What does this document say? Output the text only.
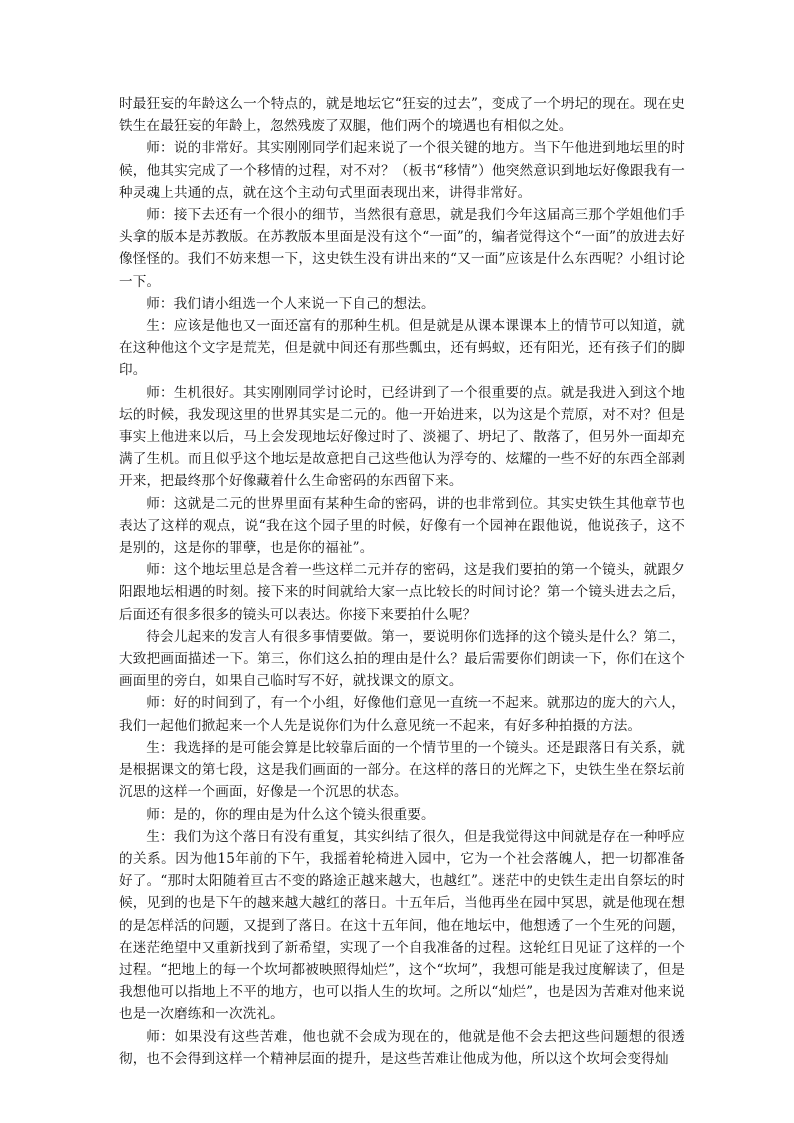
时最狂妄的年龄这么一个特点的，就是地坛它“狂妄的过去”，变成了一个坍圮的现在。现在史铁生在最狂妄的年龄上，忽然残废了双腿，他们两个的境遇也有相似之处。

师：说的非常好。其实刚刚同学们起来说了一个很关键的地方。当下午他进到地坛里的时候，他其实完成了一个移情的过程，对不对？（板书“移情”）他突然意识到地坛好像跟我有一种灵魂上共通的点，就在这个主动句式里面表现出来，讲得非常好。

师：接下去还有一个很小的细节，当然很有意思，就是我们今年这届高三那个学姐他们手头拿的版本是苏教版。在苏教版本里面是没有这个“一面”的，编者觉得这个“一面”的放进去好像怪怪的。我们不妨来想一下，这史铁生没有讲出来的“又一面”应该是什么东西呢？小组讨论一下。

师：我们请小组选一个人来说一下自己的想法。

生：应该是他也又一面还富有的那种生机。但是就是从课本课课本上的情节可以知道，就在这种他这个文字是荒芜，但是就中间还有那些瓢虫，还有蚂蚁，还有阳光，还有孩子们的脚印。

师：生机很好。其实刚刚同学讨论时，已经讲到了一个很重要的点。就是我进入到这个地坛的时候，我发现这里的世界其实是二元的。他一开始进来，以为这是个荒原，对不对？但是事实上他进来以后，马上会发现地坛好像过时了、淡褪了、坍圮了、散落了，但另外一面却充满了生机。而且似乎这个地坛是故意把自己这些他认为浮夸的、炫耀的一些不好的东西全部剥开来，把最终那个好像藏着什么生命密码的东西留下来。

师：这就是二元的世界里面有某种生命的密码，讲的也非常到位。其实史铁生其他章节也表达了这样的观点，说“我在这个园子里的时候，好像有一个园神在跟他说，他说孩子，这不是别的，这是你的罪孽，也是你的福祉”。

师：这个地坛里总是含着一些这样二元并存的密码，这是我们要拍的第一个镜头，就跟夕阳跟地坛相遇的时刻。接下来的时间就给大家一点比较长的时间讨论？第一个镜头进去之后，后面还有很多很多的镜头可以表达。你接下来要拍什么呢？

待会儿起来的发言人有很多事情要做。第一，要说明你们选择的这个镜头是什么？第二，大致把画面描述一下。第三，你们这么拍的理由是什么？最后需要你们朗读一下，你们在这个画面里的旁白，如果自己临时写不好，就找课文的原文。

师：好的时间到了，有一个小组，好像他们意见一直统一不起来。就那边的庞大的六人，我们一起他们掀起来一个人先是说你们为什么意见统一不起来，有好多种拍摄的方法。

生：我选择的是可能会算是比较靠后面的一个情节里的一个镜头。还是跟落日有关系，就是根据课文的第七段，这是我们画面的一部分。在这样的落日的光辉之下，史铁生坐在祭坛前沉思的这样一个画面，好像是一个沉思的状态。

师：是的，你的理由是为什么这个镜头很重要。

生：我们为这个落日有没有重复，其实纠结了很久，但是我觉得这中间就是存在一种呼应的关系。因为他15年前的下午，我摇着轮椅进入园中，它为一个社会落魄人，把一切都准备好了。“那时太阳随着亘古不变的路途正越来越大，也越红”。迷茫中的史铁生走出自祭坛的时候，见到的也是下午的越来越大越红的落日。十五年后，当他再坐在园中冥思，就是他现在想的是怎样活的问题，又提到了落日。在这十五年间，他在地坛中，他想透了一个生死的问题，在迷茫绝望中又重新找到了新希望，实现了一个自我准备的过程。这轮红日见证了这样的一个过程。“把地上的每一个坎坷都被映照得灿烂”，这个“坎坷”，我想可能是我过度解读了，但是我想他可以指地上不平的地方，也可以指人生的坎坷。之所以“灿烂”，也是因为苦难对他来说也是一次磨练和一次洗礼。

师：如果没有这些苦难，他也就不会成为现在的，他就是他不会去把这些问题想的很透彻，也不会得到这样一个精神层面的提升，是这些苦难让他成为他，所以这个坎坷会变得灿
